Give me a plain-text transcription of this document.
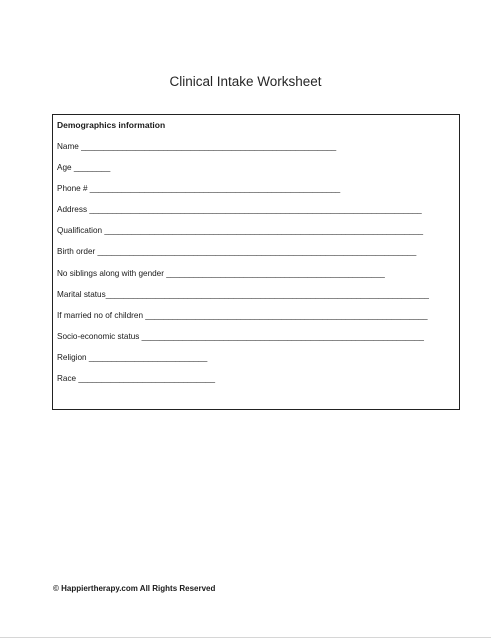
Clinical Intake Worksheet
Demographics information
Name ________________________________________________________
Age ________
Phone # _______________________________________________________
Address _________________________________________________________________________
Qualification ______________________________________________________________________
Birth order ______________________________________________________________________
No siblings along with gender ________________________________________________
Marital status_______________________________________________________________________
If married no of children ______________________________________________________________
Socio-economic status ______________________________________________________________
Religion __________________________
Race ______________________________
© Happiertherapy.com All Rights Reserved
